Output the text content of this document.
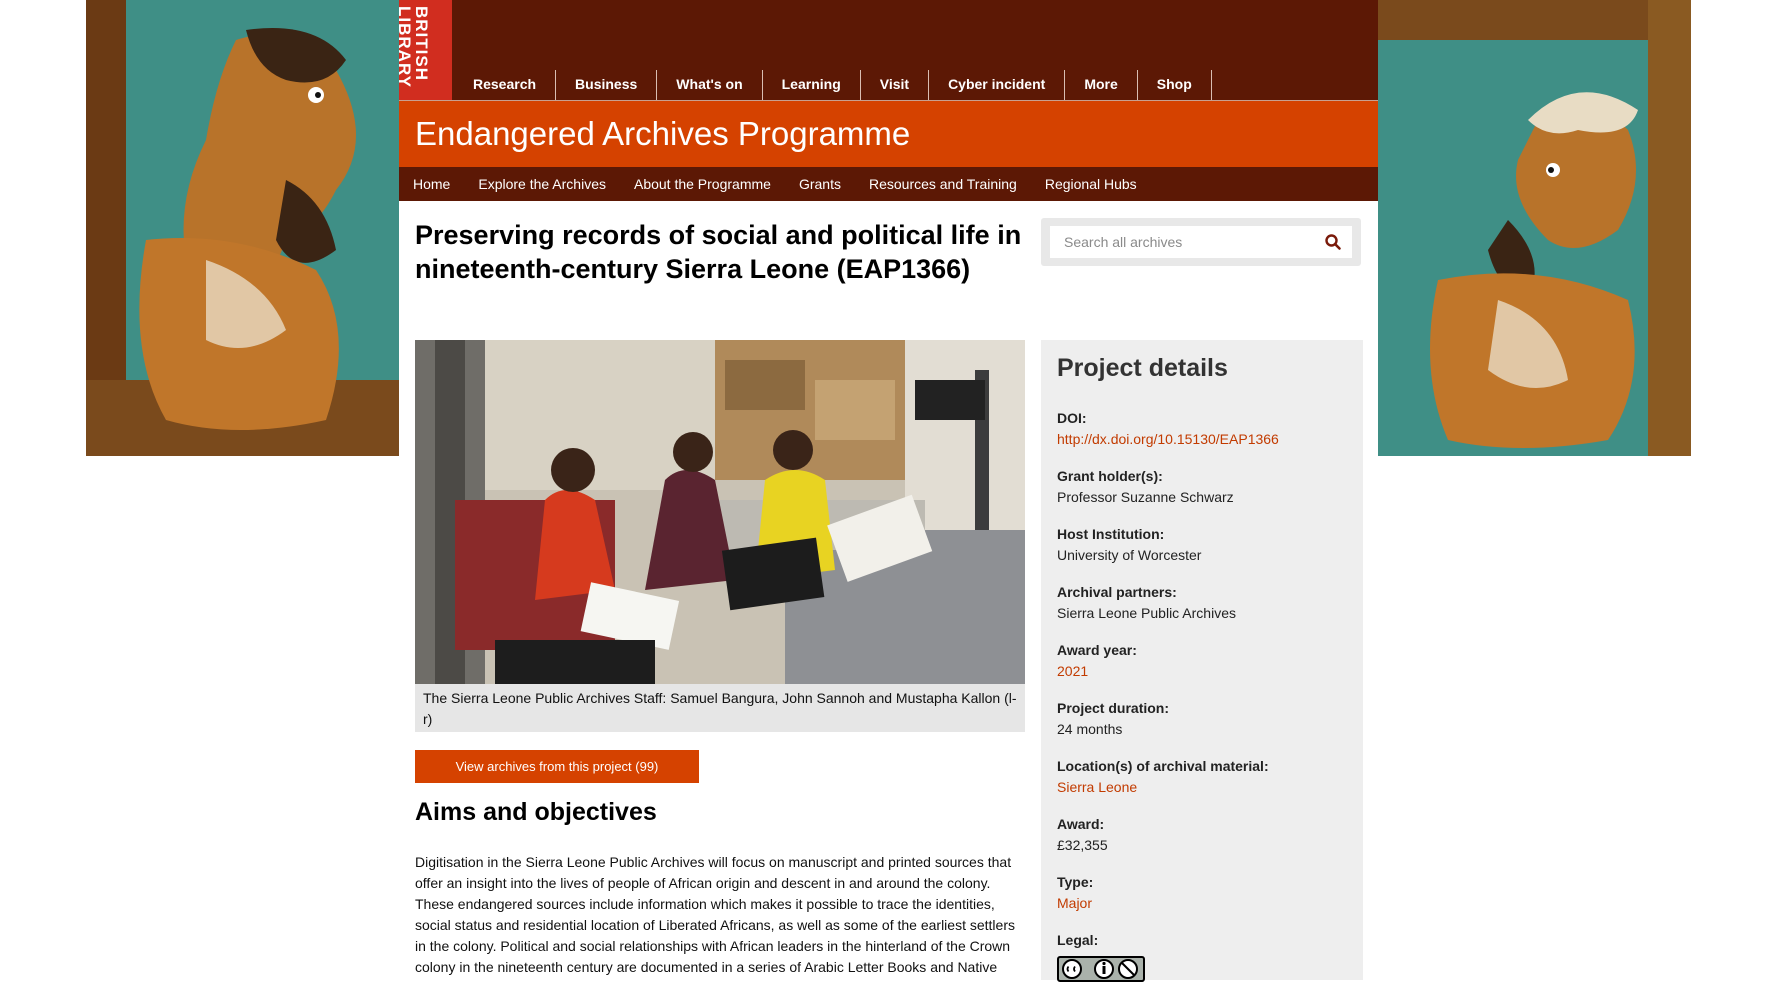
BRITISH
LIBRARY	Research	Business	What's on	Learning	Visit	Cyber incident	More	Shop
Endangered Archives Programme
Home	Explore the Archives	About the Programme	Grants	Resources and Training	Regional Hubs
Preserving records of social and political life in nineteenth-century Sierra Leone (EAP1366)
Search all archives
The Sierra Leone Public Archives Staff: Samuel Bangura, John Sannoh and Mustapha Kallon (l-r)
View archives from this project (99)
Aims and objectives

Digitisation in the Sierra Leone Public Archives will focus on manuscript and printed sources that offer an insight into the lives of people of African origin and descent in and around the colony. These endangered sources include information which makes it possible to trace the identities, social status and residential location of Liberated Africans, as well as some of the earliest settlers in the colony. Political and social relationships with African leaders in the hinterland of the Crown colony in the nineteenth century are documented in a series of Arabic Letter Books and Native

Project details
DOI:
http://dx.doi.org/10.15130/EAP1366
Grant holder(s):
Professor Suzanne Schwarz
Host Institution:
University of Worcester
Archival partners:
Sierra Leone Public Archives
Award year:
2021
Project duration:
24 months
Location(s) of archival material:
Sierra Leone
Award:
£32,355
Type:
Major
Legal:
